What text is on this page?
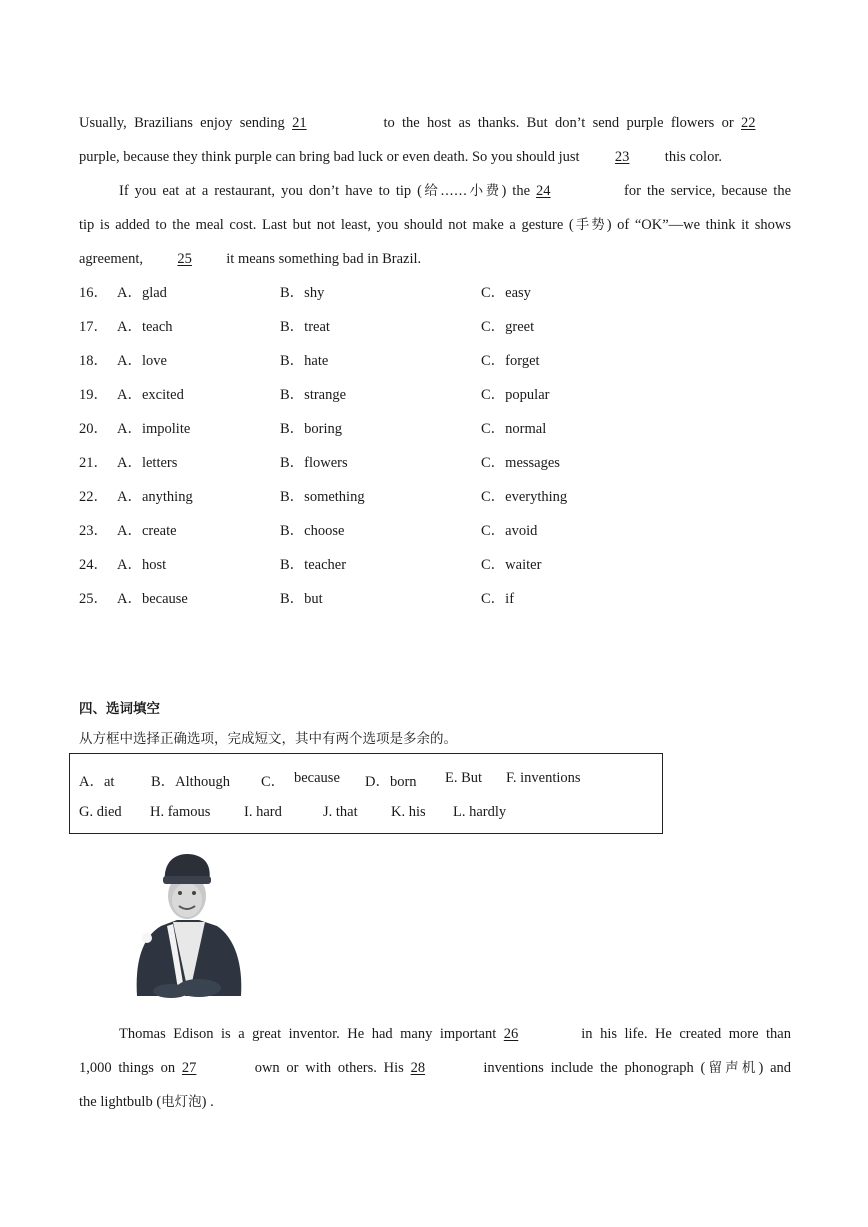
Usually, Brazilians enjoy sending 21	to the host as thanks. But don’t send purple flowers or 22
purple, because they think purple can bring bad luck or even death. So you should just 23 this color.
If you eat at a restaurant, you don’t have to tip (给……小费) the 24	for the service, because the
tip is added to the meal cost. Last but not least, you should not make a gesture (手势) of “OK”—we think it shows
agreement, 25 it means something bad in Brazil.
16． A．glad	B．shy	C．easy
17． A．teach	B．treat	C．greet
18． A．love	B．hate	C．forget
19． A．excited	B．strange	C．popular
20． A．impolite	B．boring	C．normal
21． A．letters	B．flowers	C．messages
22． A．anything	B．something	C．everything
23． A．create	B．choose	C．avoid
24． A．host	B．teacher	C．waiter
25． A．because	B．but	C．if
四、选词填空
从方框中选择正确选项，完成短文，其中有两个选项是多余的。
A．at	B．Although C． because D．born E. But F. inventions
G. died H. famous I. hard	J. that K. his L. hardly
Thomas Edison is a great inventor. He had many important 26	in his life. He created more than
1,000 things on 27	own or with others. His 28	inventions include the phonograph (留声机) and
the lightbulb (电灯泡) .
